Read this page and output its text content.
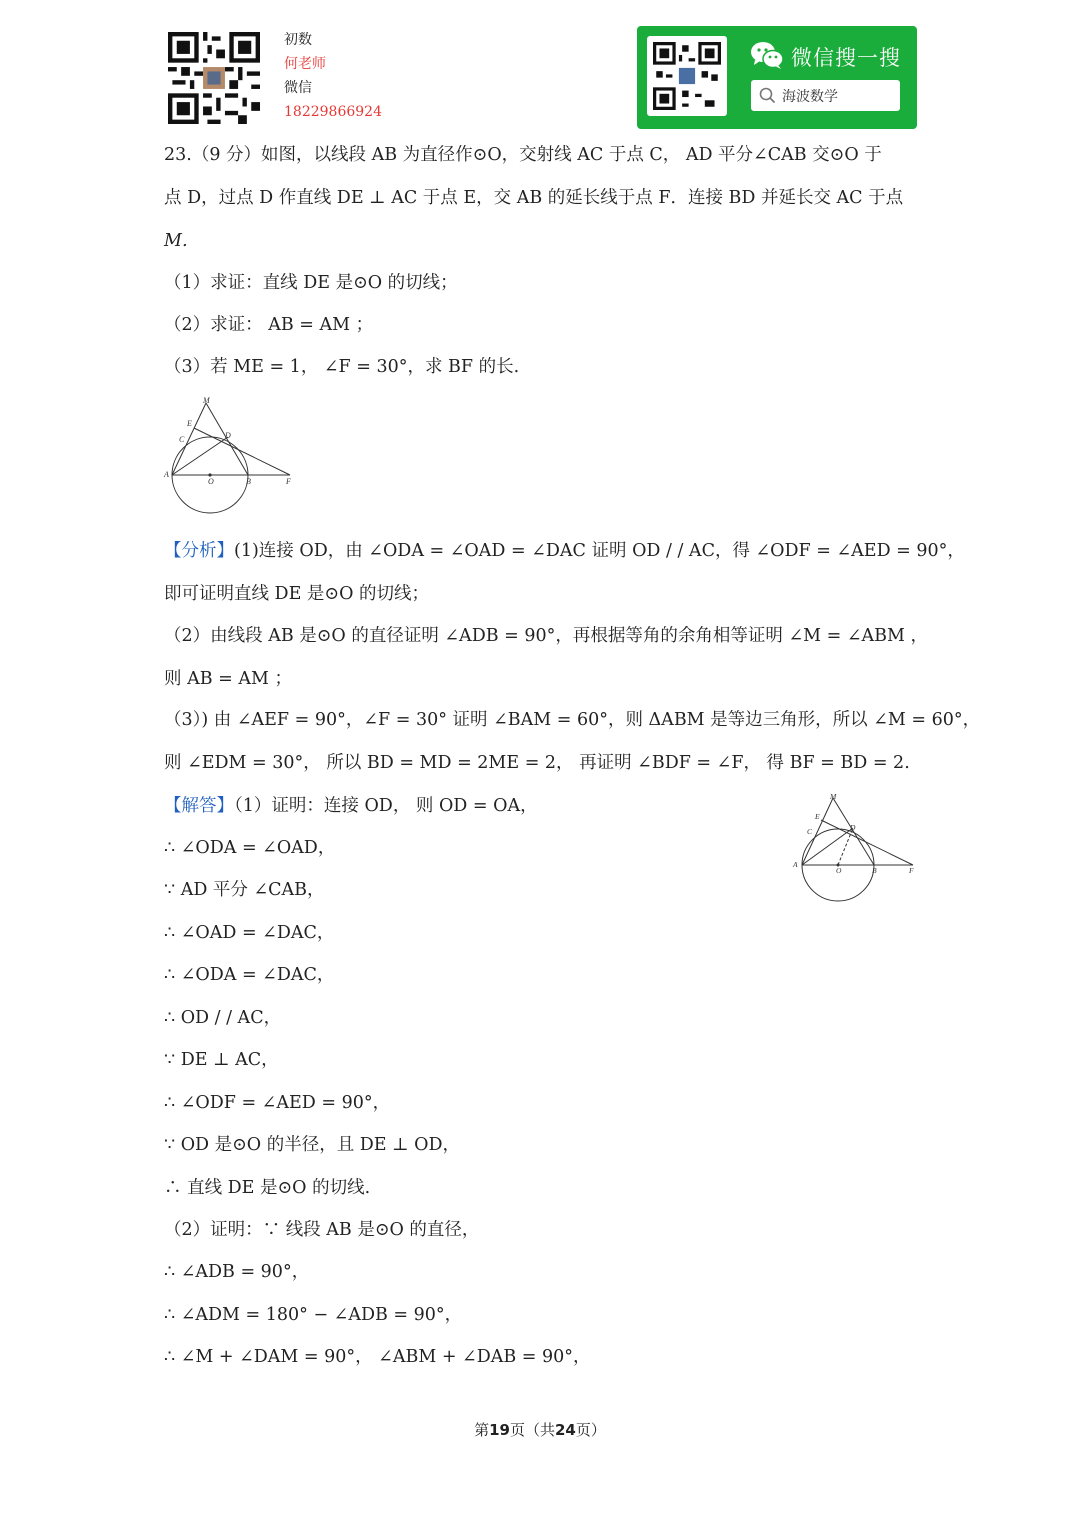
初数
何老师
微信
18229866924
微信搜一搜
海波数学
23.（9 分）如图，以线段 AB 为直径作⊙O，交射线 AC 于点 C， AD 平分∠CAB 交⊙O 于
点 D，过点 D 作直线 DE ⊥ AC 于点 E，交 AB 的延长线于点 F．连接 BD 并延长交 AC 于点
M．
（1）求证：直线 DE 是⊙O 的切线；
（2）求证： AB = AM ；
（3）若 ME = 1， ∠F = 30°，求 BF 的长.
M
E
C	D
A
O	B	F
【分析】(1)连接 OD，由 ∠ODA = ∠OAD = ∠DAC 证明 OD / / AC，得 ∠ODF = ∠AED = 90°，
即可证明直线 DE 是⊙O 的切线；
（2）由线段 AB 是⊙O 的直径证明 ∠ADB = 90°，再根据等角的余角相等证明 ∠M = ∠ABM ，
则 AB = AM ；
（3）) 由 ∠AEF = 90°，∠F = 30° 证明 ∠BAM = 60°，则 ΔABM 是等边三角形，所以 ∠M = 60°，
则 ∠EDM = 30°， 所以 BD = MD = 2ME = 2， 再证明 ∠BDF = ∠F， 得 BF = BD = 2.
【解答】（1）证明：连接 OD， 则 OD = OA，
∴ ∠ODA = ∠OAD，
∵ AD 平分 ∠CAB，
∴ ∠OAD = ∠DAC，
∴ ∠ODA = ∠DAC，
∴ OD / / AC，
∵ DE ⊥ AC，
∴ ∠ODF = ∠AED = 90°，
∵ OD 是⊙O 的半径，且 DE ⊥ OD，
∴ 直线 DE 是⊙O 的切线.
（2）证明：∵ 线段 AB 是⊙O 的直径，
∴ ∠ADB = 90°，
∴ ∠ADM = 180° − ∠ADB = 90°，
∴ ∠M + ∠DAM = 90°， ∠ABM + ∠DAB = 90°，
M
E
C	D
A
O	B	F
第19页（共24页）
